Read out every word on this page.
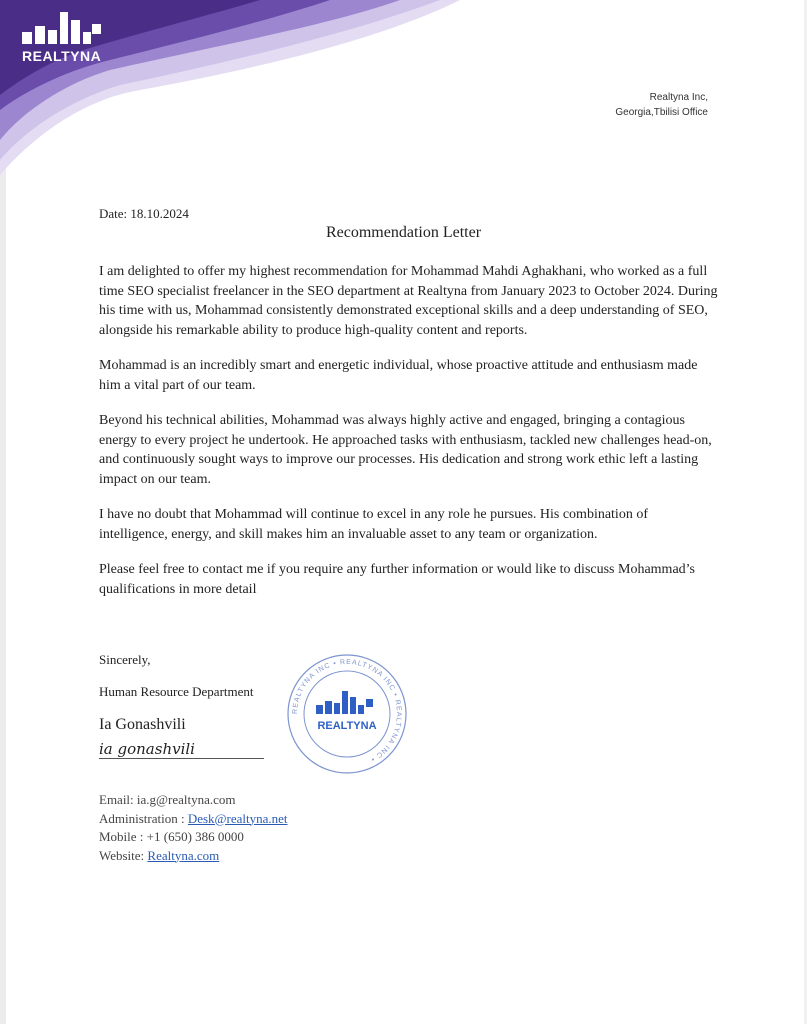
REALTYNA
Realtyna Inc,
Georgia,Tbilisi Office
Date: 18.10.2024
Recommendation Letter

I am delighted to offer my highest recommendation for Mohammad Mahdi Aghakhani, who worked as a full time SEO specialist freelancer in the SEO department at Realtyna from January 2023 to October 2024. During his time with us, Mohammad consistently demonstrated exceptional skills and a deep understanding of SEO, alongside his remarkable ability to produce high-quality content and reports.

Mohammad is an incredibly smart and energetic individual, whose proactive attitude and enthusiasm made him a vital part of our team.

Beyond his technical abilities, Mohammad was always highly active and engaged, bringing a contagious energy to every project he undertook. He approached tasks with enthusiasm, tackled new challenges head-on, and continuously sought ways to improve our processes. His dedication and strong work ethic left a lasting impact on our team.

I have no doubt that Mohammad will continue to excel in any role he pursues. His combination of intelligence, energy, and skill makes him an invaluable asset to any team or organization.

Please feel free to contact me if you require any further information or would like to discuss Mohammad’s qualifications in more detail

Sincerely,
Human Resource Department
Ia Gonashvili
ia gonashvili
REALTYNA INC • REALTYNA INC • REALTYNA INC •
REALTYNA
Email: ia.g@realtyna.com
Administration : Desk@realtyna.net
Mobile : +1 (650) 386 0000
Website: Realtyna.com
